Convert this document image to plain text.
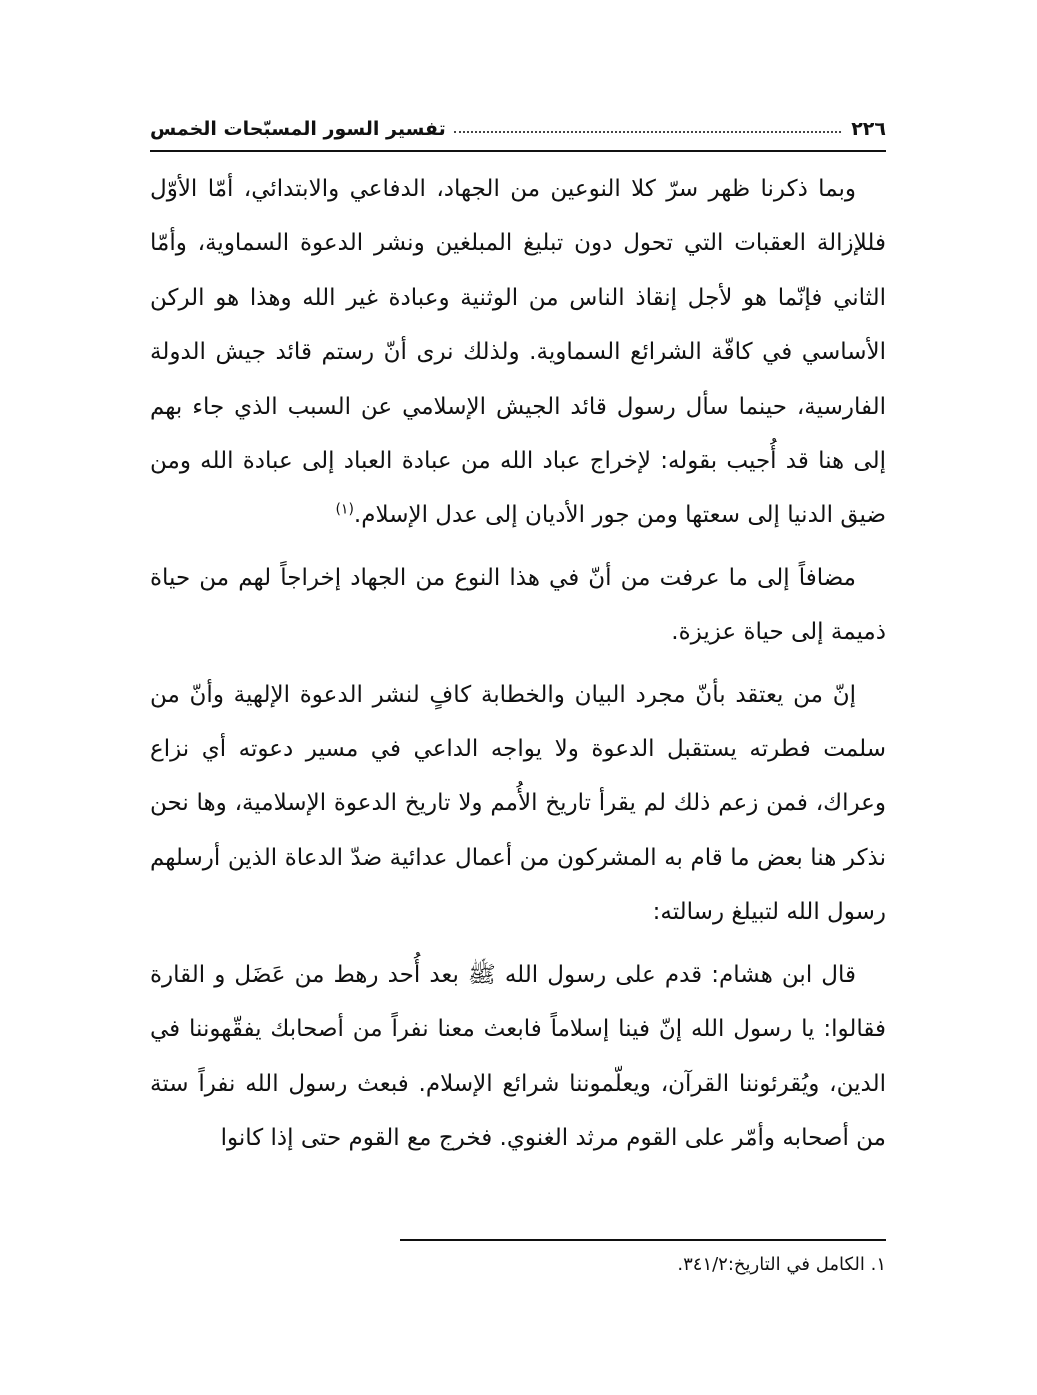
٢٢٦
تفسير السور المسبّحات الخمس

وبما ذكرنا ظهر سرّ كلا النوعين من الجهاد، الدفاعي والابتدائي، أمّا الأوّل فللإزالة العقبات التي تحول دون تبليغ المبلغين ونشر الدعوة السماوية، وأمّا الثاني فإنّما هو لأجل إنقاذ الناس من الوثنية وعبادة غير الله وهذا هو الركن الأساسي في كافّة الشرائع السماوية. ولذلك نرى أنّ رستم قائد جيش الدولة الفارسية، حينما سأل رسول قائد الجيش الإسلامي عن السبب الذي جاء بهم إلى هنا قد أُجيب بقوله: لإخراج عباد الله من عبادة العباد إلى عبادة الله ومن ضيق الدنيا إلى سعتها ومن جور الأديان إلى عدل الإسلام.$^{(١)}$

مضافاً إلى ما عرفت من أنّ في هذا النوع من الجهاد إخراجاً لهم من حياة ذميمة إلى حياة عزيزة.

إنّ من يعتقد بأنّ مجرد البيان والخطابة كافٍ لنشر الدعوة الإلهية وأنّ من سلمت فطرته يستقبل الدعوة ولا يواجه الداعي في مسير دعوته أي نزاع وعراك، فمن زعم ذلك لم يقرأ تاريخ الأُمم ولا تاريخ الدعوة الإسلامية، وها نحن نذكر هنا بعض ما قام به المشركون من أعمال عدائية ضدّ الدعاة الذين أرسلهم رسول الله لتبيلغ رسالته:

قال ابن هشام: قدم على رسول الله ﷺ بعد أُحد رهط من عَضَل و القارة فقالوا: يا رسول الله إنّ فينا إسلاماً فابعث معنا نفراً من أصحابك يفقّهوننا في الدين، ويُقرئوننا القرآن، ويعلّموننا شرائع الإسلام. فبعث رسول الله نفراً ستة من أصحابه وأمّر على القوم مرثد الغنوي. فخرج مع القوم حتى إذا كانوا

١. الكامل في التاريخ:٣٤١/٢.
